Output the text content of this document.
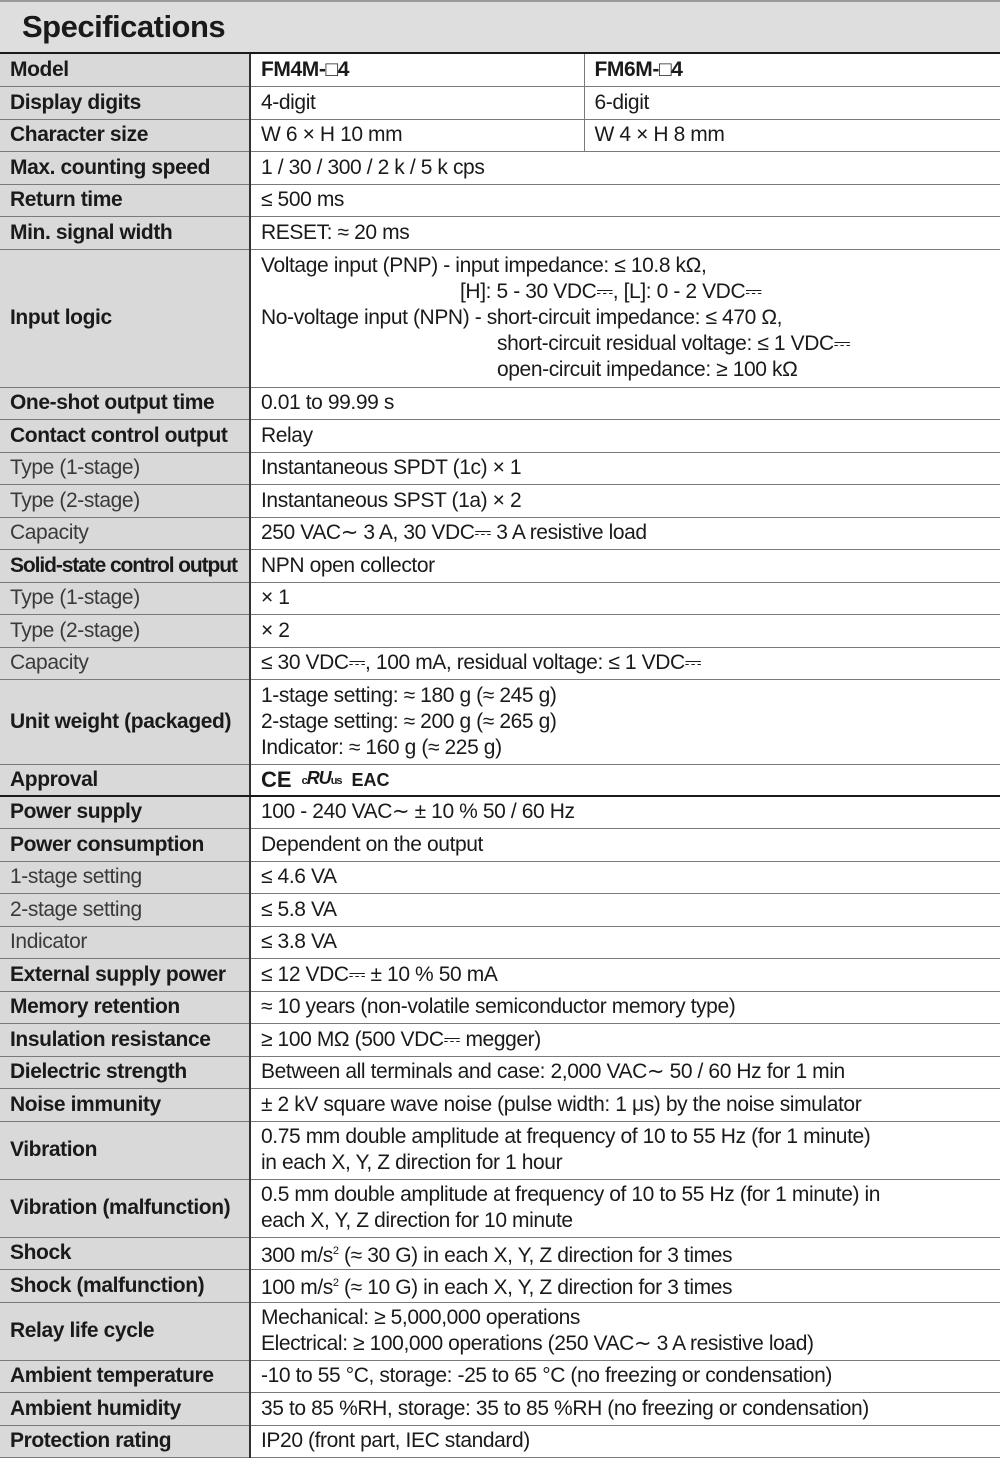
Specifications
Model	FM4M-□4	FM6M-□4
Display digits	4-digit	6-digit
Character size	W 6 × H 10 mm	W 4 × H 8 mm
Max. counting speed	1 / 30 / 300 / 2 k / 5 k cps	
Return time	≤ 500 ms	
Min. signal width	RESET: ≈ 20 ms	
Input logic	Voltage input (PNP) - input impedance: ≤ 10.8 kΩ,
[H]: 5 - 30 VDC⎓, [L]: 0 - 2 VDC⎓
No-voltage input (NPN) - short-circuit impedance: ≤ 470 Ω,
short-circuit residual voltage: ≤ 1 VDC⎓
open-circuit impedance: ≥ 100 kΩ	

One-shot output time	0.01 to 99.99 s	
Contact control output	Relay	
Type (1-stage)	Instantaneous SPDT (1c) × 1	
Type (2-stage)	Instantaneous SPST (1a) × 2	
Capacity	250 VAC∼ 3 A, 30 VDC⎓ 3 A resistive load	
Solid-state control output	NPN open collector	
Type (1-stage)	× 1	
Type (2-stage)	× 2	
Capacity	≤ 30 VDC⎓, 100 mA, residual voltage: ≤ 1 VDC⎓	
Unit weight (packaged)	1-stage setting: ≈ 180 g (≈ 245 g)
2-stage setting: ≈ 200 g (≈ 265 g)
Indicator: ≈ 160 g (≈ 225 g)	

Approval	CE cRUus EAC	

Power supply	100 - 240 VAC∼ ± 10 % 50 / 60 Hz	
Power consumption	Dependent on the output	
1-stage setting	≤ 4.6 VA	
2-stage setting	≤ 5.8 VA	
Indicator	≤ 3.8 VA	
External supply power	≤ 12 VDC⎓ ± 10 % 50 mA	
Memory retention	≈ 10 years (non-volatile semiconductor memory type)	
Insulation resistance	≥ 100 MΩ (500 VDC⎓ megger)	
Dielectric strength	Between all terminals and case: 2,000 VAC∼ 50 / 60 Hz for 1 min	
Noise immunity	± 2 kV square wave noise (pulse width: 1 μs) by the noise simulator	
Vibration	0.75 mm double amplitude at frequency of 10 to 55 Hz (for 1 minute)
in each X, Y, Z direction for 1 hour	

Vibration (malfunction)	0.5 mm double amplitude at frequency of 10 to 55 Hz (for 1 minute) in
each X, Y, Z direction for 10 minute	

Shock	300 $m/s^2$ (≈ 30 G) in each X, Y, Z direction for 3 times	
Shock (malfunction)	100 $m/s^2$ (≈ 10 G) in each X, Y, Z direction for 3 times	
Relay life cycle	Mechanical: ≥ 5,000,000 operations
Electrical: ≥ 100,000 operations (250 VAC∼ 3 A resistive load)	

Ambient temperature	-10 to 55 °C, storage: -25 to 65 °C (no freezing or condensation)	
Ambient humidity	35 to 85 %RH, storage: 35 to 85 %RH (no freezing or condensation)	
Protection rating	IP20 (front part, IEC standard)	
